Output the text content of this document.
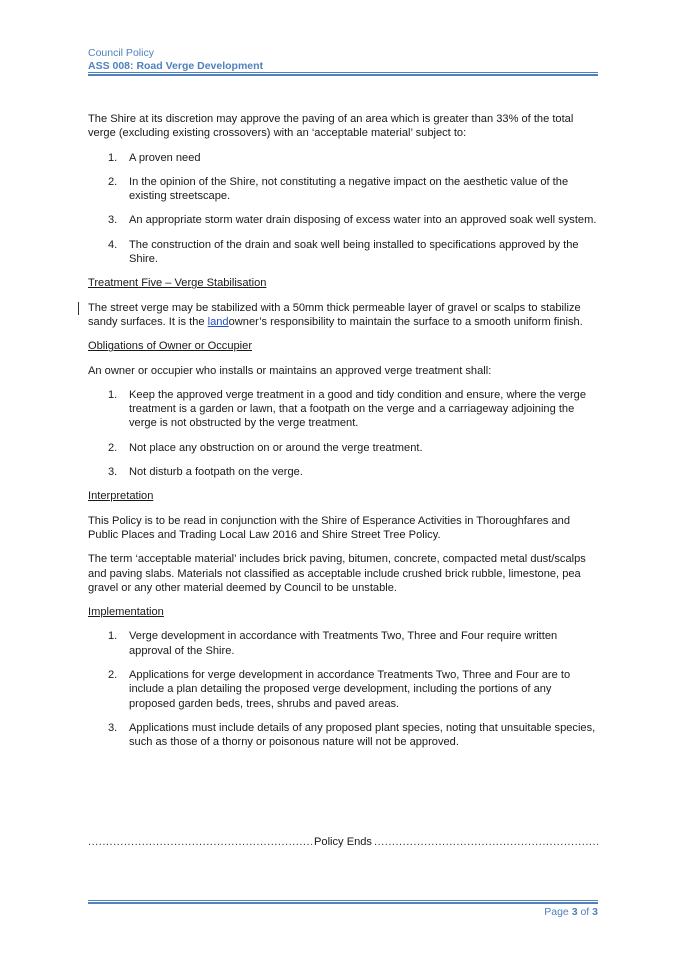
Council Policy
ASS 008: Road Verge Development

The Shire at its discretion may approve the paving of an area which is greater than 33% of the total verge (excluding existing crossovers) with an ‘acceptable material’ subject to:

1. A proven need
2. In the opinion of the Shire, not constituting a negative impact on the aesthetic value of the existing streetscape.
3. An appropriate storm water drain disposing of excess water into an approved soak well system.
4. The construction of the drain and soak well being installed to specifications approved by the Shire.
Treatment Five – Verge Stabilisation

The street verge may be stabilized with a 50mm thick permeable layer of gravel or scalps to stabilize sandy surfaces. It is the landowner’s responsibility to maintain the surface to a smooth uniform finish.

Obligations of Owner or Occupier

An owner or occupier who installs or maintains an approved verge treatment shall:

1. Keep the approved verge treatment in a good and tidy condition and ensure, where the verge treatment is a garden or lawn, that a footpath on the verge and a carriageway adjoining the verge is not obstructed by the verge treatment.
2. Not place any obstruction on or around the verge treatment.
3. Not disturb a footpath on the verge.
Interpretation

This Policy is to be read in conjunction with the Shire of Esperance Activities in Thoroughfares and Public Places and Trading Local Law 2016 and Shire Street Tree Policy.

The term ‘acceptable material’ includes brick paving, bitumen, concrete, compacted metal dust/scalps and paving slabs. Materials not classified as acceptable include crushed brick rubble, limestone, pea gravel or any other material deemed by Council to be unstable.

Implementation
1. Verge development in accordance with Treatments Two, Three and Four require written approval of the Shire.
2. Applications for verge development in accordance Treatments Two, Three and Four are to include a plan detailing the proposed verge development, including the portions of any proposed garden beds, trees, shrubs and paved areas.
3. Applications must include details of any proposed plant species, noting that unsuitable species, such as those of a thorny or poisonous nature will not be approved.
.....
Policy Ends
.....
Page 3 of 3
